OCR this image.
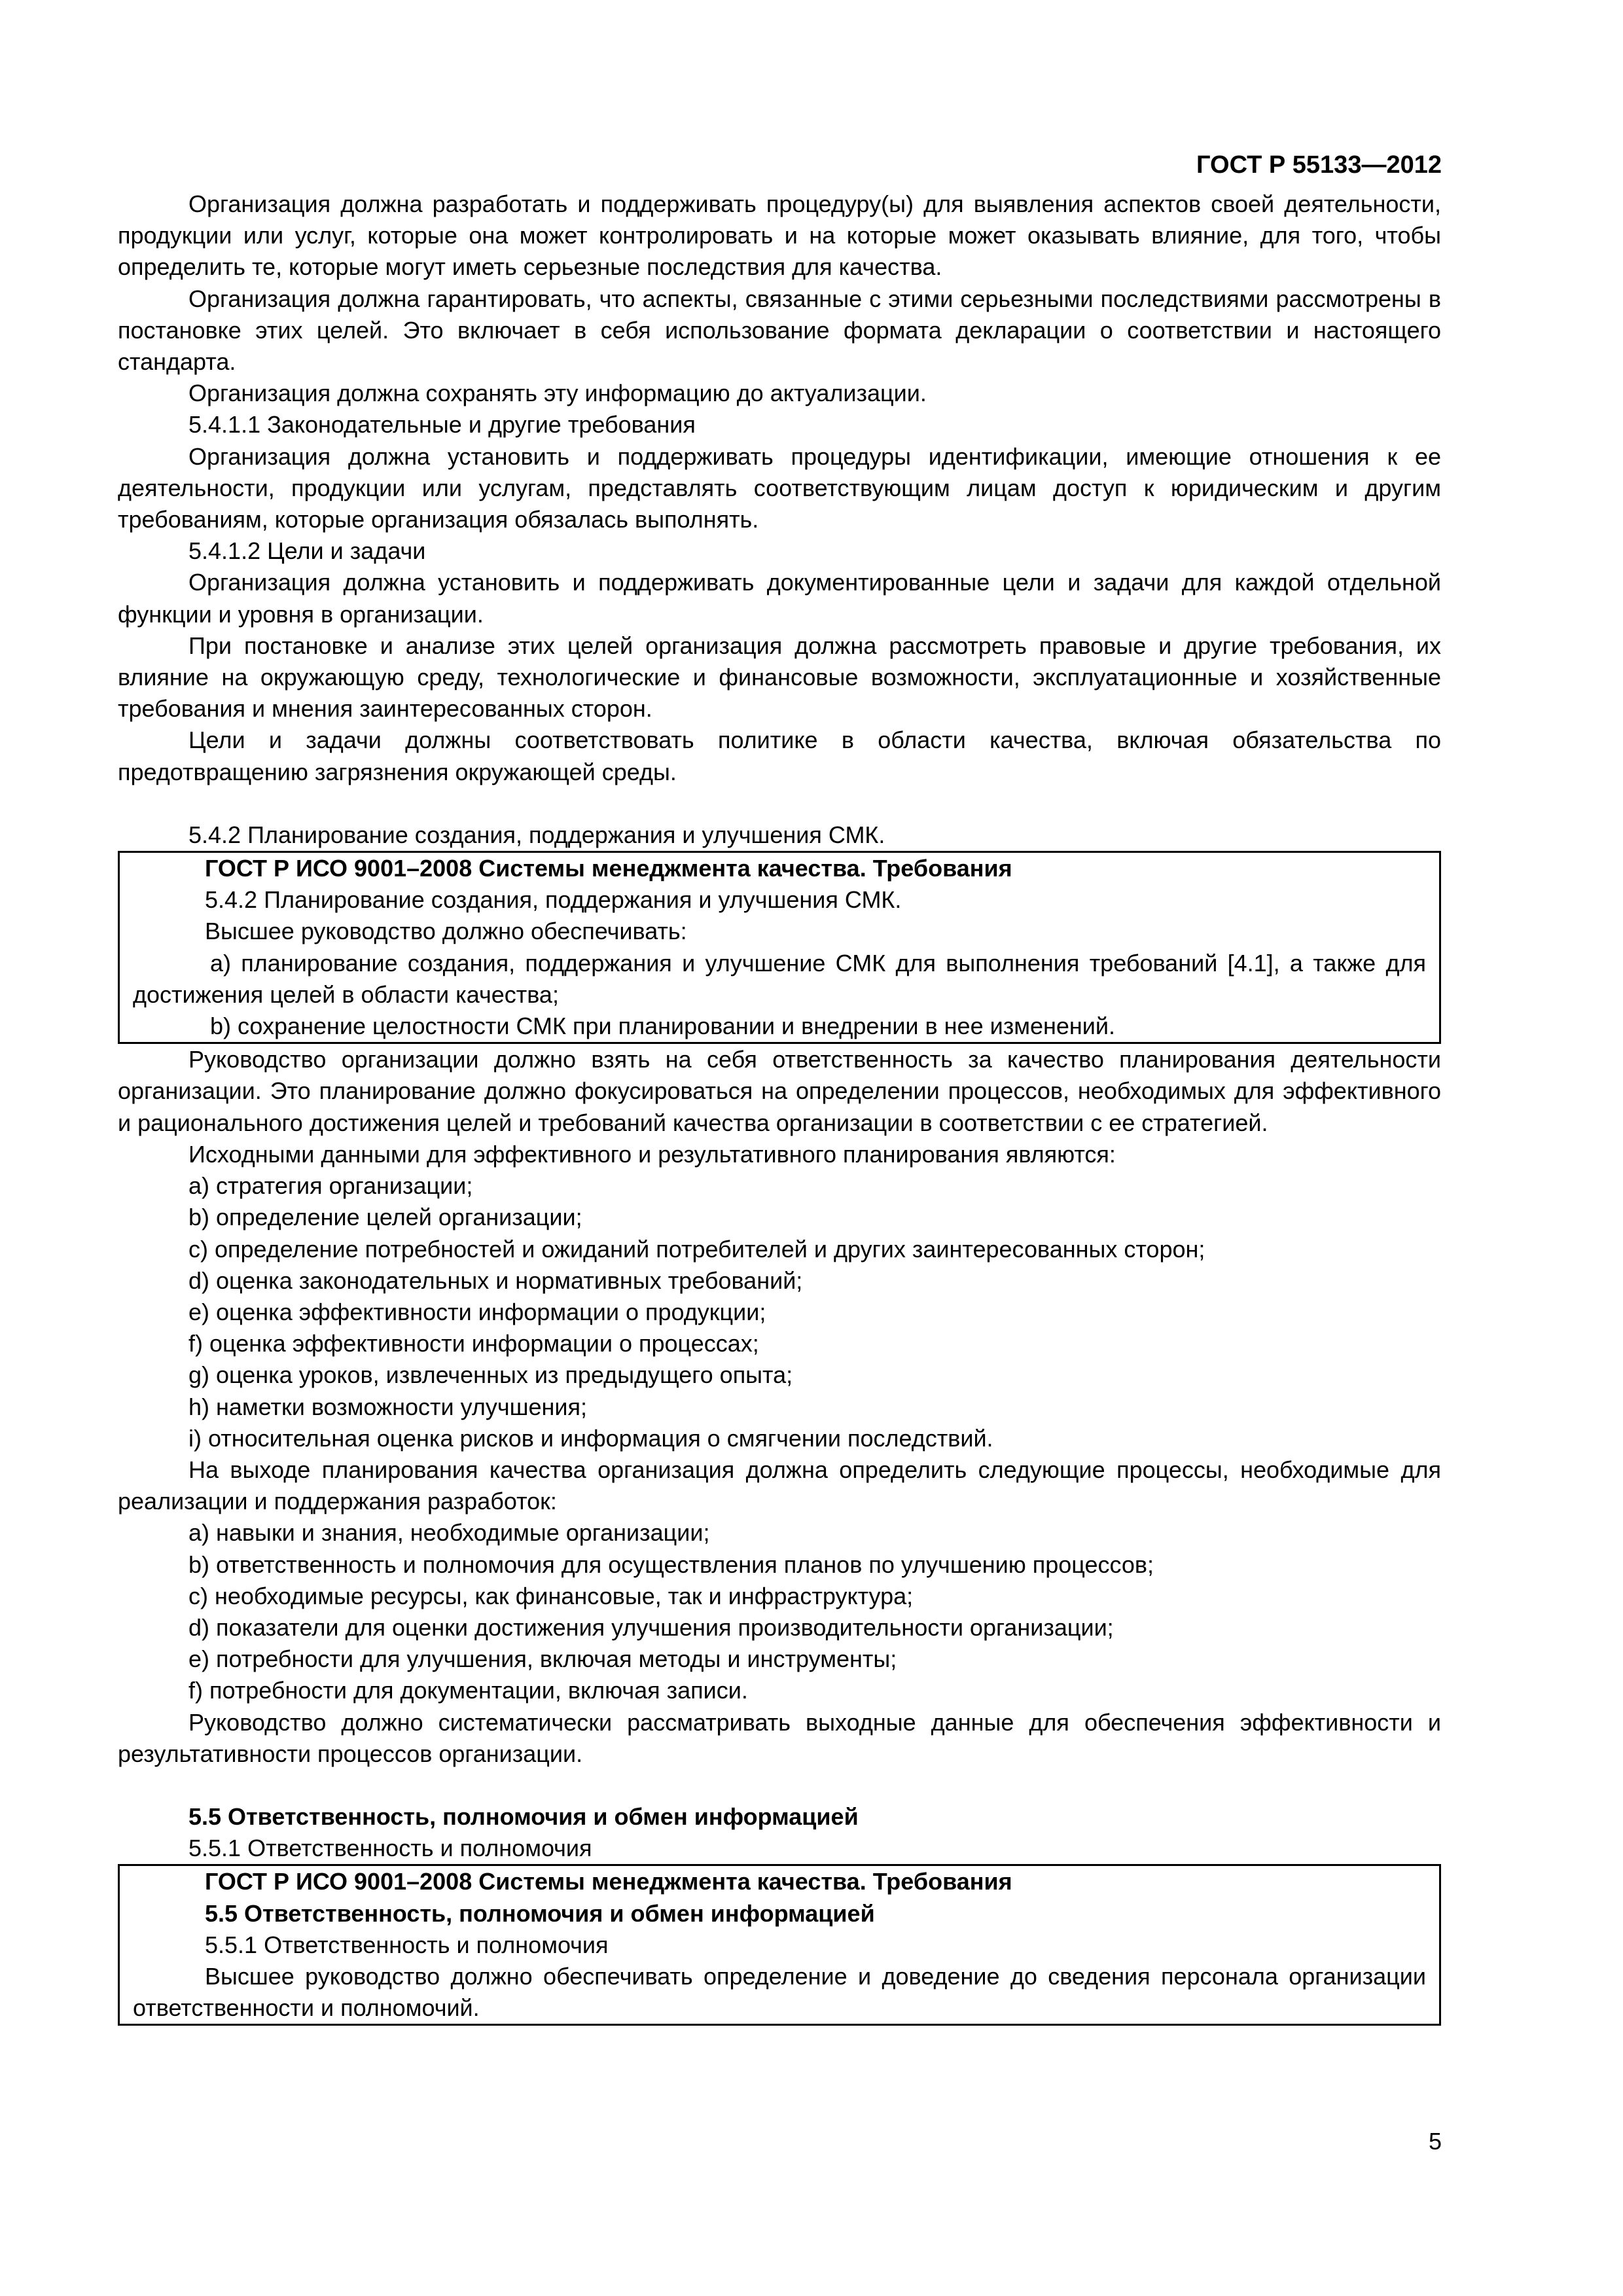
ГОСТ Р 55133—2012

Организация должна разработать и поддерживать процедуру(ы) для выявления аспектов своей деятельности, продукции или услуг, которые она может контролировать и на которые может оказывать влияние, для того, чтобы определить те, которые могут иметь серьезные последствия для качества.

Организация должна гарантировать, что аспекты, связанные с этими серьезными последствиями рассмотрены в постановке этих целей. Это включает в себя использование формата декларации о соответствии и настоящего стандарта.

Организация должна сохранять эту информацию до актуализации.

5.4.1.1 Законодательные и другие требования

Организация должна установить и поддерживать процедуры идентификации, имеющие отношения к ее деятельности, продукции или услугам, представлять соответствующим лицам доступ к юридическим и другим требованиям, которые организация обязалась выполнять.

5.4.1.2 Цели и задачи

Организация должна установить и поддерживать документированные цели и задачи для каждой отдельной функции и уровня в организации.

При постановке и анализе этих целей организация должна рассмотреть правовые и другие требования, их влияние на окружающую среду, технологические и финансовые возможности, эксплуатационные и хозяйственные требования и мнения заинтересованных сторон.

Цели и задачи должны соответствовать политике в области качества, включая обязательства по предотвращению загрязнения окружающей среды.

5.4.2 Планирование создания, поддержания и улучшения СМК.

ГОСТ Р ИСО 9001–2008 Системы менеджмента качества. Требования

5.4.2 Планирование создания, поддержания и улучшения СМК.

Высшее руководство должно обеспечивать:

a) планирование создания, поддержания и улучшение СМК для выполнения требований [4.1], а также для достижения целей в области качества;

b) сохранение целостности СМК при планировании и внедрении в нее изменений.

Руководство организации должно взять на себя ответственность за качество планирования деятельности организации. Это планирование должно фокусироваться на определении процессов, необходимых для эффективного и рационального достижения целей и требований качества организации в соответствии с ее стратегией.

Исходными данными для эффективного и результативного планирования являются:

a) стратегия организации;

b) определение целей организации;

c) определение потребностей и ожиданий потребителей и других заинтересованных сторон;

d) оценка законодательных и нормативных требований;

e) оценка эффективности информации о продукции;

f) оценка эффективности информации о процессах;

g) оценка уроков, извлеченных из предыдущего опыта;

h) наметки возможности улучшения;

i) относительная оценка рисков и информация о смягчении последствий.

На выходе планирования качества организация должна определить следующие процессы, необходимые для реализации и поддержания разработок:

a) навыки и знания, необходимые организации;

b) ответственность и полномочия для осуществления планов по улучшению процессов;

c) необходимые ресурсы, как финансовые, так и инфраструктура;

d) показатели для оценки достижения улучшения производительности организации;

e) потребности для улучшения, включая методы и инструменты;

f) потребности для документации, включая записи.

Руководство должно систематически рассматривать выходные данные для обеспечения эффективности и результативности процессов организации.

5.5 Ответственность, полномочия и обмен информацией

5.5.1 Ответственность и полномочия

ГОСТ Р ИСО 9001–2008 Системы менеджмента качества. Требования

5.5 Ответственность, полномочия и обмен информацией

5.5.1 Ответственность и полномочия

Высшее руководство должно обеспечивать определение и доведение до сведения персонала организации ответственности и полномочий.

5
